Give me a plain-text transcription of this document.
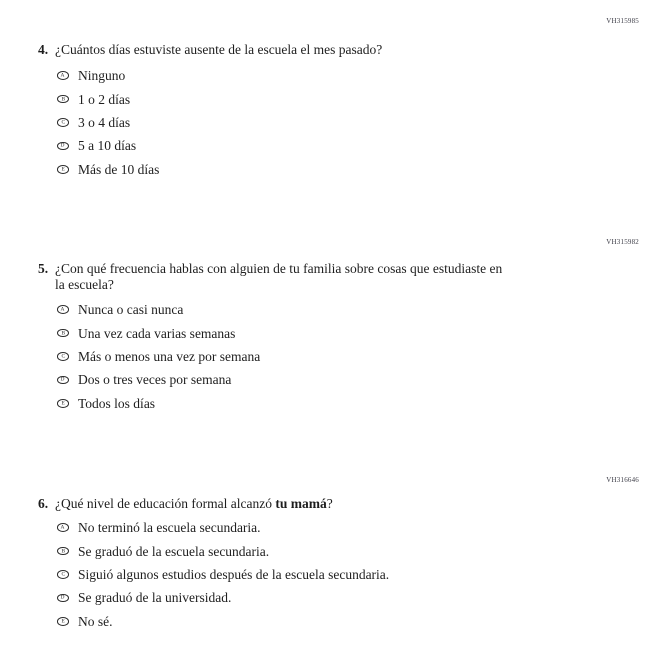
VH315985
4. ¿Cuántos días estuviste ausente de la escuela el mes pasado?
A Ninguno
B 1 o 2 días
C 3 o 4 días
D 5 a 10 días
E Más de 10 días
VH315982
5. ¿Con qué frecuencia hablas con alguien de tu familia sobre cosas que estudiaste en
la escuela?
A Nunca o casi nunca
B Una vez cada varias semanas
C Más o menos una vez por semana
D Dos o tres veces por semana
E Todos los días
VH316646
6. ¿Qué nivel de educación formal alcanzó tu mamá?
A No terminó la escuela secundaria.
B Se graduó de la escuela secundaria.
C Siguió algunos estudios después de la escuela secundaria.
D Se graduó de la universidad.
E No sé.
